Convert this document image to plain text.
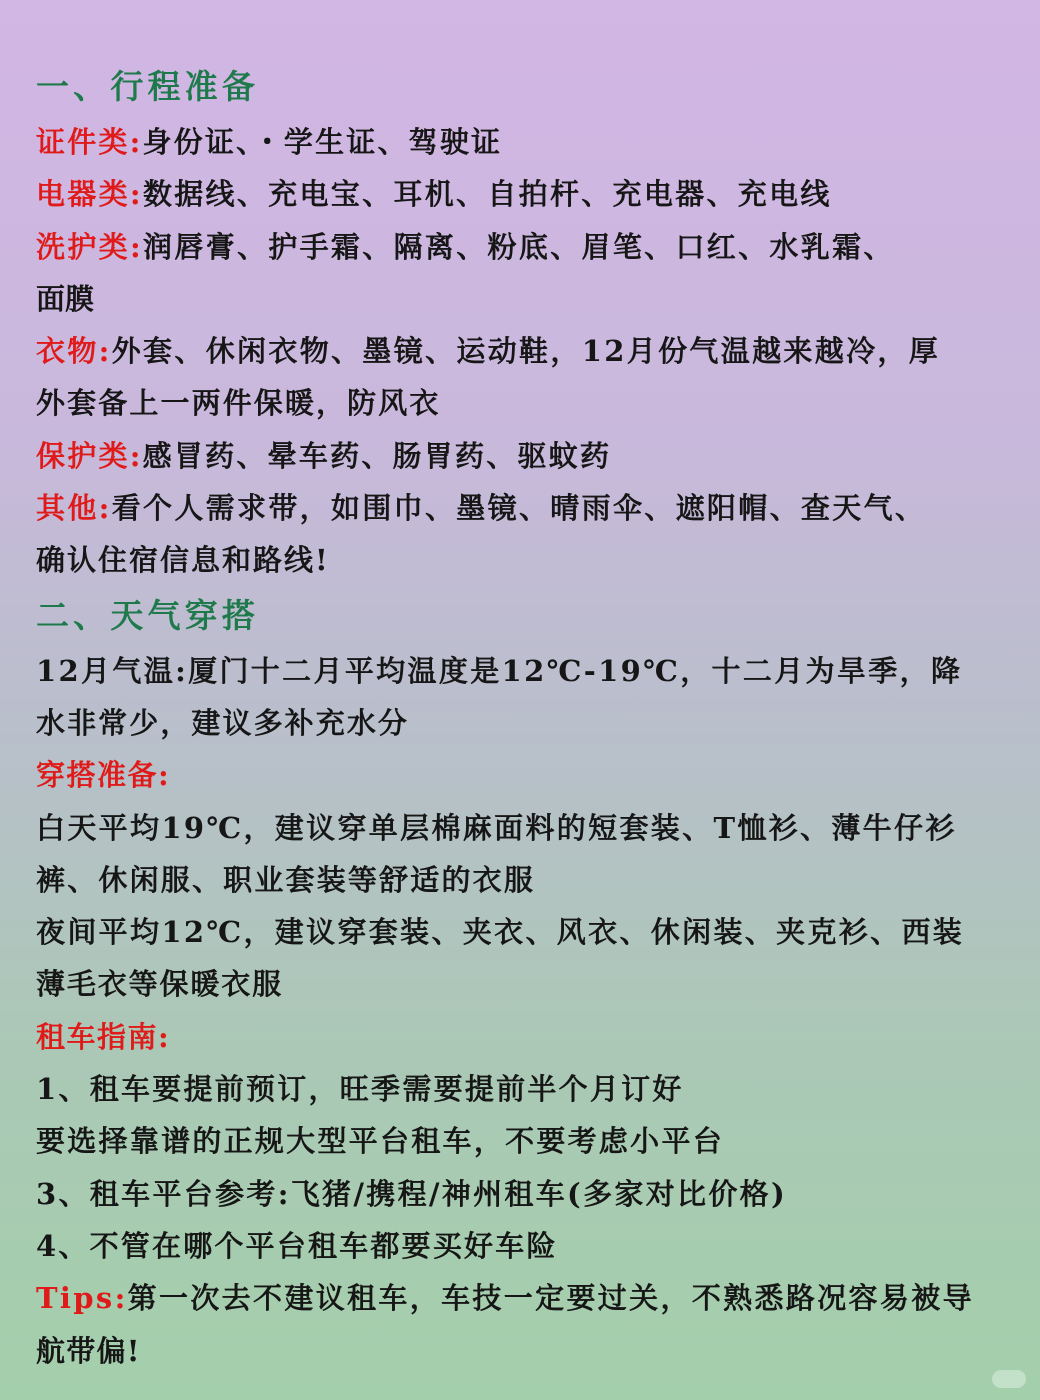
一、行程准备
证件类:身份证、・学生证、驾驶证
电器类:数据线、充电宝、耳机、自拍杆、充电器、充电线
洗护类:润唇膏、护手霜、隔离、粉底、眉笔、口红、水乳霜、
面膜
衣物:外套、休闲衣物、墨镜、运动鞋，12月份气温越来越冷，厚
外套备上一两件保暖，防风衣
保护类:感冒药、晕车药、肠胃药、驱蚊药
其他:看个人需求带，如围巾、墨镜、晴雨伞、遮阳帽、查天气、
确认住宿信息和路线!
二、天气穿搭
12月气温:厦门十二月平均温度是12℃-19℃，十二月为旱季，降
水非常少，建议多补充水分
穿搭准备:
白天平均19℃，建议穿单层棉麻面料的短套装、T恤衫、薄牛仔衫
裤、休闲服、职业套装等舒适的衣服
夜间平均12℃，建议穿套装、夹衣、风衣、休闲装、夹克衫、西装
薄毛衣等保暖衣服
租车指南:
1、租车要提前预订，旺季需要提前半个月订好
要选择靠谱的正规大型平台租车，不要考虑小平台
3、租车平台参考:飞猪/携程/神州租车(多家对比价格)
4、不管在哪个平台租车都要买好车险
Tips:第一次去不建议租车，车技一定要过关，不熟悉路况容易被导
航带偏!
